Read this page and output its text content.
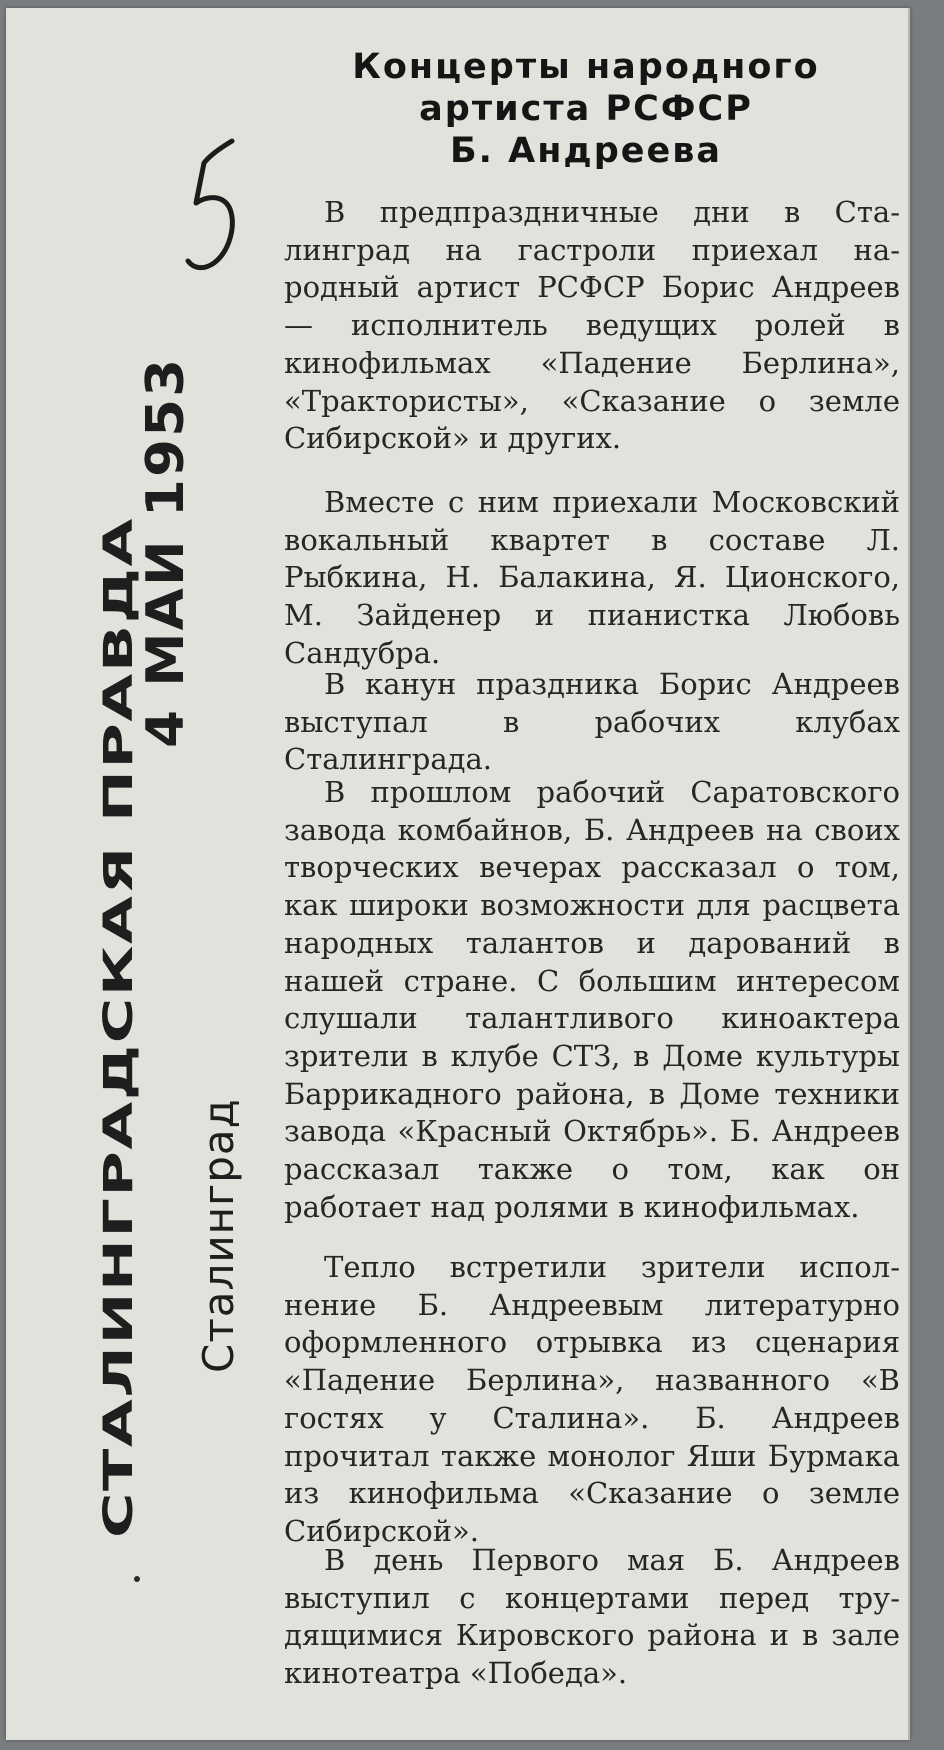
4 МАИ 1953
СТАЛИНГРАДСКАЯ ПРАВДА Сталинград
Концерты народного
артиста РСФСР
Б. Андреева

В предпраздничные дни в Сталинград на гастроли приехал народный артист РСФСР Борис Андреев — исполнитель ведущих ролей в кинофильмах «Падение Берлина», «Трактористы», «Сказание о земле Сибирской» и других.

Вместе с ним приехали Московский вокальный квартет в составе Л. Рыбкина, Н. Балакина, Я. Ционского, М. Зайденер и пианистка Любовь Сандубра.

В канун праздника Борис Андреев выступал в рабочих клубах Сталинграда.

В прошлом рабочий Саратовского завода комбайнов, Б. Андреев на своих творческих вечерах рассказал о том, как широки возможности для расцвета народных талантов и дарований в нашей стране. С большим интересом слушали талантливого киноактера зрители в клубе СТЗ, в Доме культуры Баррикадного района, в Доме техники завода «Красный Октябрь». Б. Андреев рассказал также о том, как он работает над ролями в кинофильмах.

Тепло встретили зрители исполнение Б. Андреевым литературно оформленного отрывка из сценария «Падение Берлина», названного «В гостях у Сталина». Б. Андреев прочитал также монолог Яши Бурмака из кинофильма «Сказание о земле Сибирской».

В день Первого мая Б. Андреев выступил с концертами перед трудящимися Кировского района и в зале кинотеатра «Победа».
